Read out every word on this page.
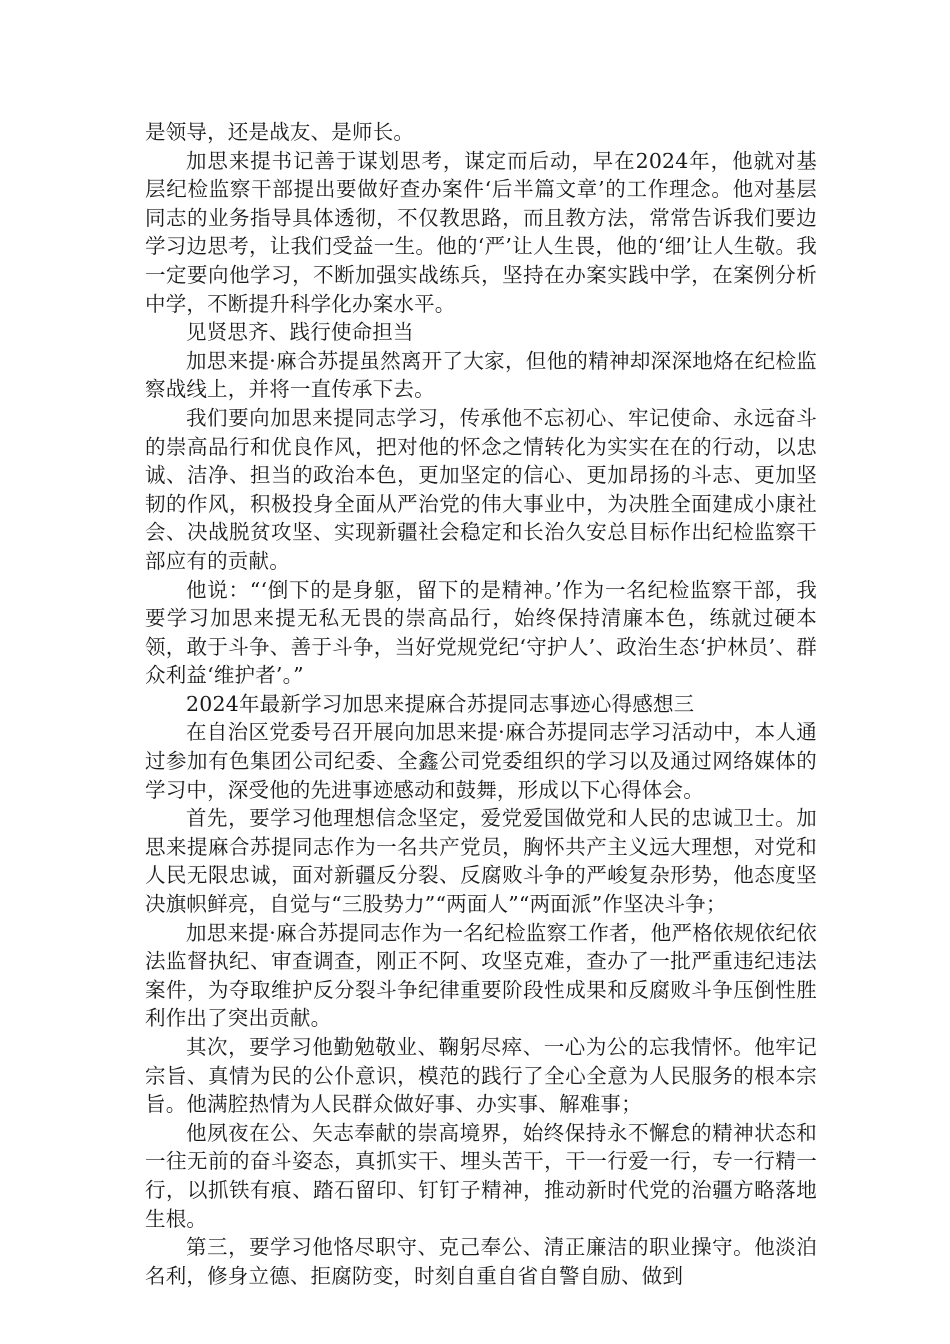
是领导，还是战友、是师长。

加思来提书记善于谋划思考，谋定而后动，早在2024年，他就对基层纪检监察干部提出要做好查办案件‘后半篇文章’的工作理念。他对基层同志的业务指导具体透彻，不仅教思路，而且教方法，常常告诉我们要边学习边思考，让我们受益一生。他的‘严’让人生畏，他的‘细’让人生敬。我一定要向他学习，不断加强实战练兵，坚持在办案实践中学，在案例分析中学，不断提升科学化办案水平。

见贤思齐、践行使命担当

加思来提·麻合苏提虽然离开了大家，但他的精神却深深地烙在纪检监察战线上，并将一直传承下去。

我们要向加思来提同志学习，传承他不忘初心、牢记使命、永远奋斗的崇高品行和优良作风，把对他的怀念之情转化为实实在在的行动，以忠诚、洁净、担当的政治本色，更加坚定的信心、更加昂扬的斗志、更加坚韧的作风，积极投身全面从严治党的伟大事业中，为决胜全面建成小康社会、决战脱贫攻坚、实现新疆社会稳定和长治久安总目标作出纪检监察干部应有的贡献。

他说：“‘倒下的是身躯，留下的是精神。’作为一名纪检监察干部，我要学习加思来提无私无畏的崇高品行，始终保持清廉本色，练就过硬本领，敢于斗争、善于斗争，当好党规党纪‘守护人’、政治生态‘护林员’、群众利益‘维护者’。”

2024年最新学习加思来提麻合苏提同志事迹心得感想三

在自治区党委号召开展向加思来提·麻合苏提同志学习活动中，本人通过参加有色集团公司纪委、全鑫公司党委组织的学习以及通过网络媒体的学习中，深受他的先进事迹感动和鼓舞，形成以下心得体会。

首先，要学习他理想信念坚定，爱党爱国做党和人民的忠诚卫士。加思来提麻合苏提同志作为一名共产党员，胸怀共产主义远大理想，对党和人民无限忠诚，面对新疆反分裂、反腐败斗争的严峻复杂形势，他态度坚决旗帜鲜亮，自觉与“三股势力”“两面人”“两面派”作坚决斗争；

加思来提·麻合苏提同志作为一名纪检监察工作者，他严格依规依纪依法监督执纪、审查调查，刚正不阿、攻坚克难，查办了一批严重违纪违法案件，为夺取维护反分裂斗争纪律重要阶段性成果和反腐败斗争压倒性胜利作出了突出贡献。

其次，要学习他勤勉敬业、鞠躬尽瘁、一心为公的忘我情怀。他牢记宗旨、真情为民的公仆意识，模范的践行了全心全意为人民服务的根本宗旨。他满腔热情为人民群众做好事、办实事、解难事；

他夙夜在公、矢志奉献的崇高境界，始终保持永不懈怠的精神状态和一往无前的奋斗姿态，真抓实干、埋头苦干，干一行爱一行，专一行精一行，以抓铁有痕、踏石留印、钉钉子精神，推动新时代党的治疆方略落地生根。

第三，要学习他恪尽职守、克己奉公、清正廉洁的职业操守。他淡泊名利，修身立德、拒腐防变，时刻自重自省自警自励、做到
